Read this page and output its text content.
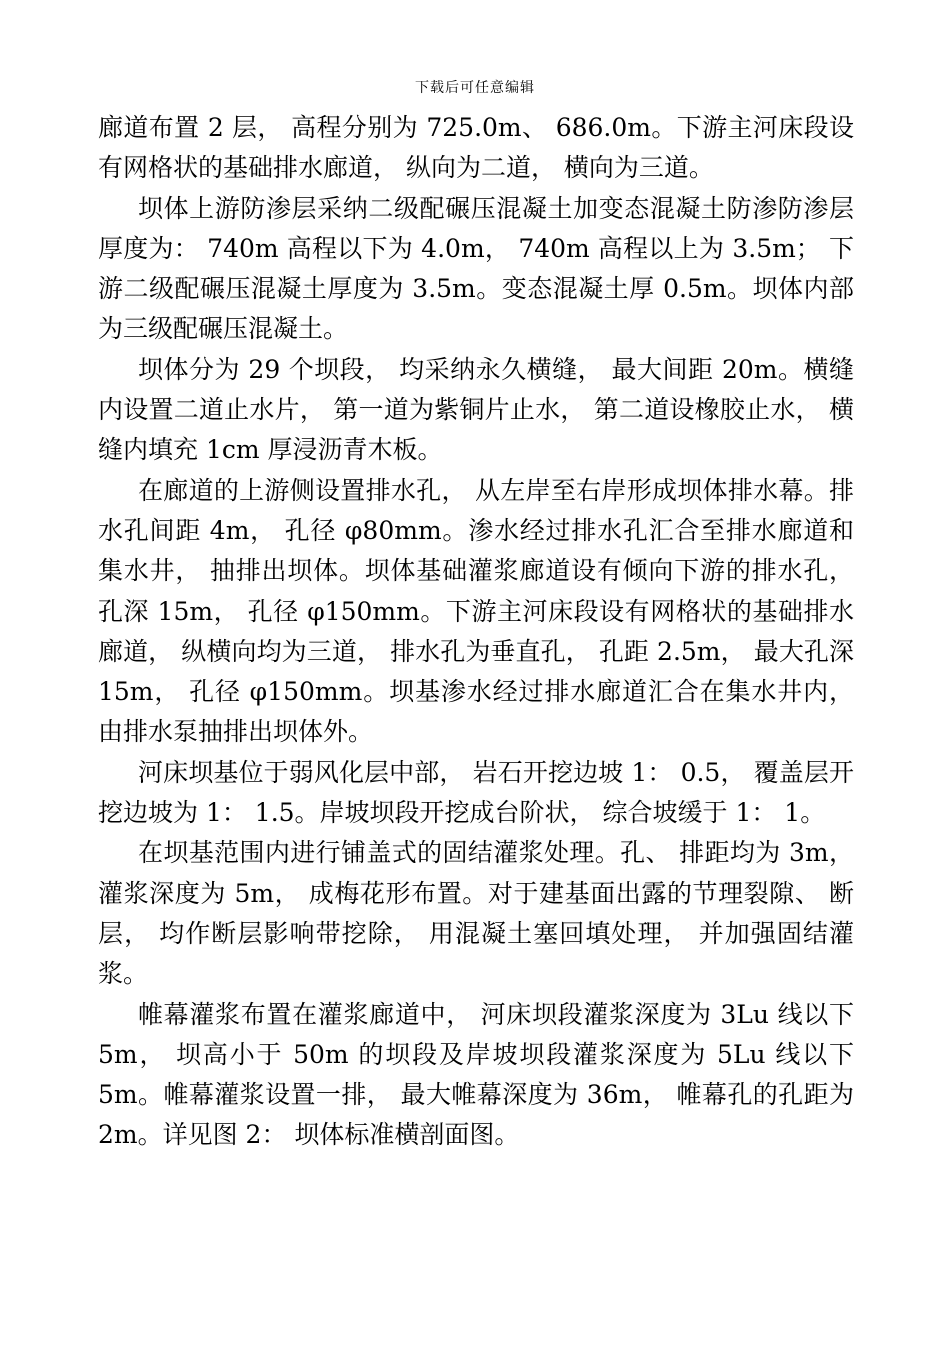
下载后可任意编辑

廊道布置 2 层， 高程分别为 725.0m、 686.0m。下游主河床段设有网格状的基础排水廊道， 纵向为二道， 横向为三道。

坝体上游防渗层采纳二级配碾压混凝土加变态混凝土防渗防渗层厚度为： 740m 高程以下为 4.0m， 740m 高程以上为 3.5m； 下游二级配碾压混凝土厚度为 3.5m。变态混凝土厚 0.5m。坝体内部为三级配碾压混凝土。

坝体分为 29 个坝段， 均采纳永久横缝， 最大间距 20m。横缝内设置二道止水片， 第一道为紫铜片止水， 第二道设橡胶止水， 横缝内填充 1cm 厚浸沥青木板。

在廊道的上游侧设置排水孔， 从左岸至右岸形成坝体排水幕。排水孔间距 4m， 孔径 φ80mm。渗水经过排水孔汇合至排水廊道和集水井， 抽排出坝体。坝体基础灌浆廊道设有倾向下游的排水孔， 孔深 15m， 孔径 φ150mm。下游主河床段设有网格状的基础排水廊道， 纵横向均为三道， 排水孔为垂直孔， 孔距 2.5m， 最大孔深 15m， 孔径 φ150mm。坝基渗水经过排水廊道汇合在集水井内， 由排水泵抽排出坝体外。

河床坝基位于弱风化层中部， 岩石开挖边坡 1： 0.5， 覆盖层开挖边坡为 1： 1.5。岸坡坝段开挖成台阶状， 综合坡缓于 1： 1。

在坝基范围内进行铺盖式的固结灌浆处理。孔、 排距均为 3m， 灌浆深度为 5m， 成梅花形布置。对于建基面出露的节理裂隙、 断层， 均作断层影响带挖除， 用混凝土塞回填处理， 并加强固结灌浆。

帷幕灌浆布置在灌浆廊道中， 河床坝段灌浆深度为 3Lu 线以下 5m， 坝高小于 50m 的坝段及岸坡坝段灌浆深度为 5Lu 线以下 5m。帷幕灌浆设置一排， 最大帷幕深度为 36m， 帷幕孔的孔距为 2m。详见图 2： 坝体标准横剖面图。
